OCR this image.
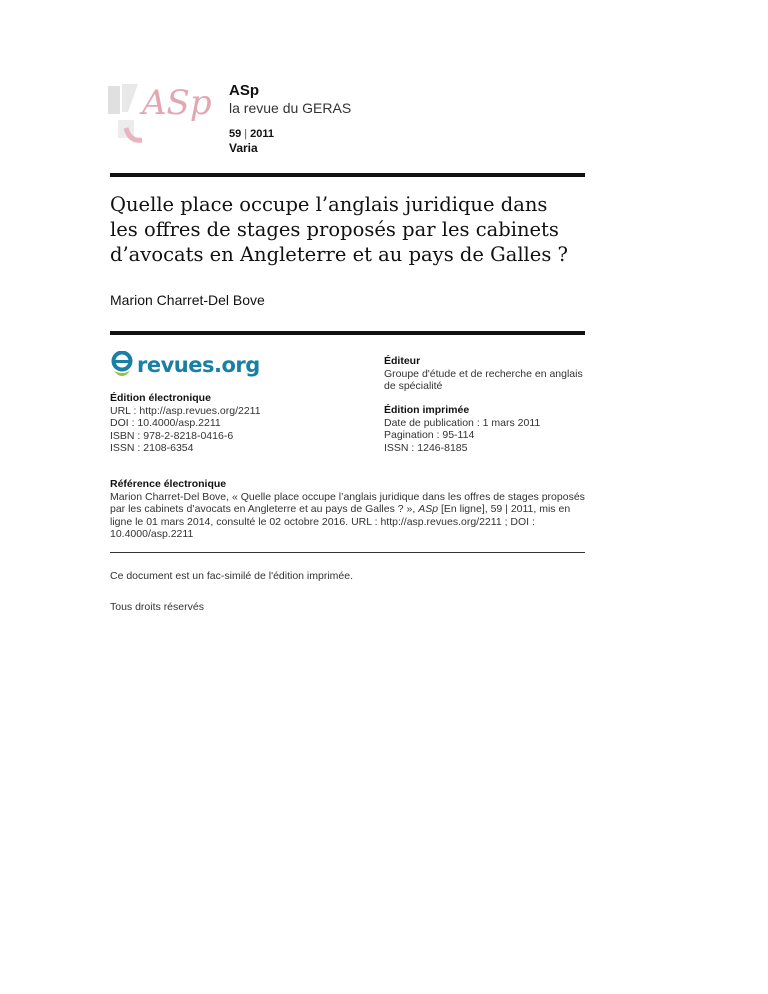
ASp ASp
la revue du GERAS
59 | 2011
Varia
Quelle place occupe l’anglais juridique dans les offres de stages proposés par les cabinets d’avocats en Angleterre et au pays de Galles ?
Marion Charret-Del Bove
revues.org
Édition électronique
URL : http://asp.revues.org/2211
DOI : 10.4000/asp.2211
ISBN : 978-2-8218-0416-6
ISSN : 2108-6354
Éditeur
Groupe d'étude et de recherche en anglais de spécialité
Édition imprimée
Date de publication : 1 mars 2011
Pagination : 95-114
ISSN : 1246-8185
Référence électronique
Marion Charret-Del Bove, « Quelle place occupe l’anglais juridique dans les offres de stages proposés par les cabinets d’avocats en Angleterre et au pays de Galles ? », ASp [En ligne], 59 | 2011, mis en ligne le 01 mars 2014, consulté le 02 octobre 2016. URL : http://asp.revues.org/2211 ; DOI : 10.4000/asp.2211
Ce document est un fac-similé de l'édition imprimée.
Tous droits réservés
